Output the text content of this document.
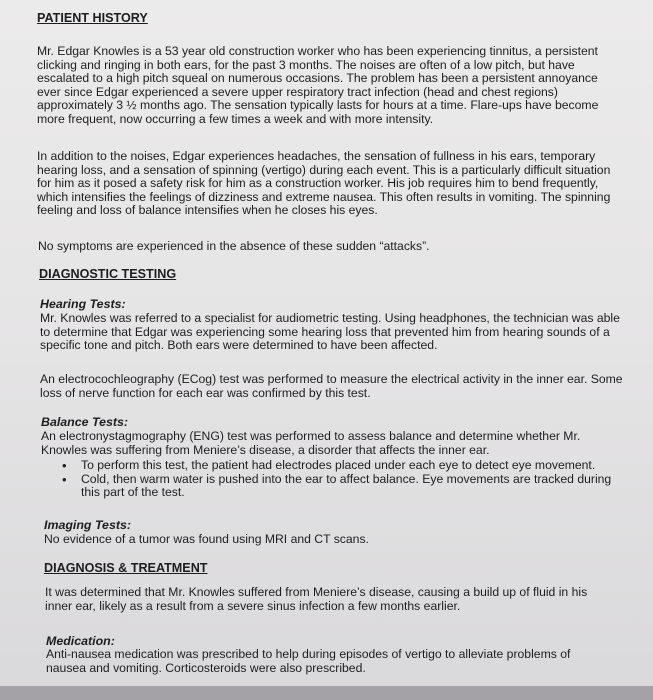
PATIENT HISTORY

Mr. Edgar Knowles is a 53 year old construction worker who has been experiencing tinnitus, a persistent clicking and ringing in both ears, for the past 3 months. The noises are often of a low pitch, but have escalated to a high pitch squeal on numerous occasions. The problem has been a persistent annoyance ever since Edgar experienced a severe upper respiratory tract infection (head and chest regions) approximately 3 ½ months ago. The sensation typically lasts for hours at a time. Flare-ups have become more frequent, now occurring a few times a week and with more intensity.

In addition to the noises, Edgar experiences headaches, the sensation of fullness in his ears, temporary hearing loss, and a sensation of spinning (vertigo) during each event. This is a particularly difficult situation for him as it posed a safety risk for him as a construction worker. His job requires him to bend frequently, which intensifies the feelings of dizziness and extreme nausea. This often results in vomiting. The spinning feeling and loss of balance intensifies when he closes his eyes.

No symptoms are experienced in the absence of these sudden “attacks”.

DIAGNOSTIC TESTING
Hearing Tests:

Mr. Knowles was referred to a specialist for audiometric testing. Using headphones, the technician was able to determine that Edgar was experiencing some hearing loss that prevented him from hearing sounds of a specific tone and pitch. Both ears were determined to have been affected.

An electrocochleography (ECog) test was performed to measure the electrical activity in the inner ear. Some loss of nerve function for each ear was confirmed by this test.

Balance Tests:

An electronystagmography (ENG) test was performed to assess balance and determine whether Mr. Knowles was suffering from Meniere’s disease, a disorder that affects the inner ear.

• To perform this test, the patient had electrodes placed under each eye to detect eye movement.
• Cold, then warm water is pushed into the ear to affect balance. Eye movements are tracked during this part of the test.
Imaging Tests:

No evidence of a tumor was found using MRI and CT scans.

DIAGNOSIS & TREATMENT

It was determined that Mr. Knowles suffered from Meniere’s disease, causing a build up of fluid in his inner ear, likely as a result from a severe sinus infection a few months earlier.

Medication:

Anti-nausea medication was prescribed to help during episodes of vertigo to alleviate problems of nausea and vomiting. Corticosteroids were also prescribed.
